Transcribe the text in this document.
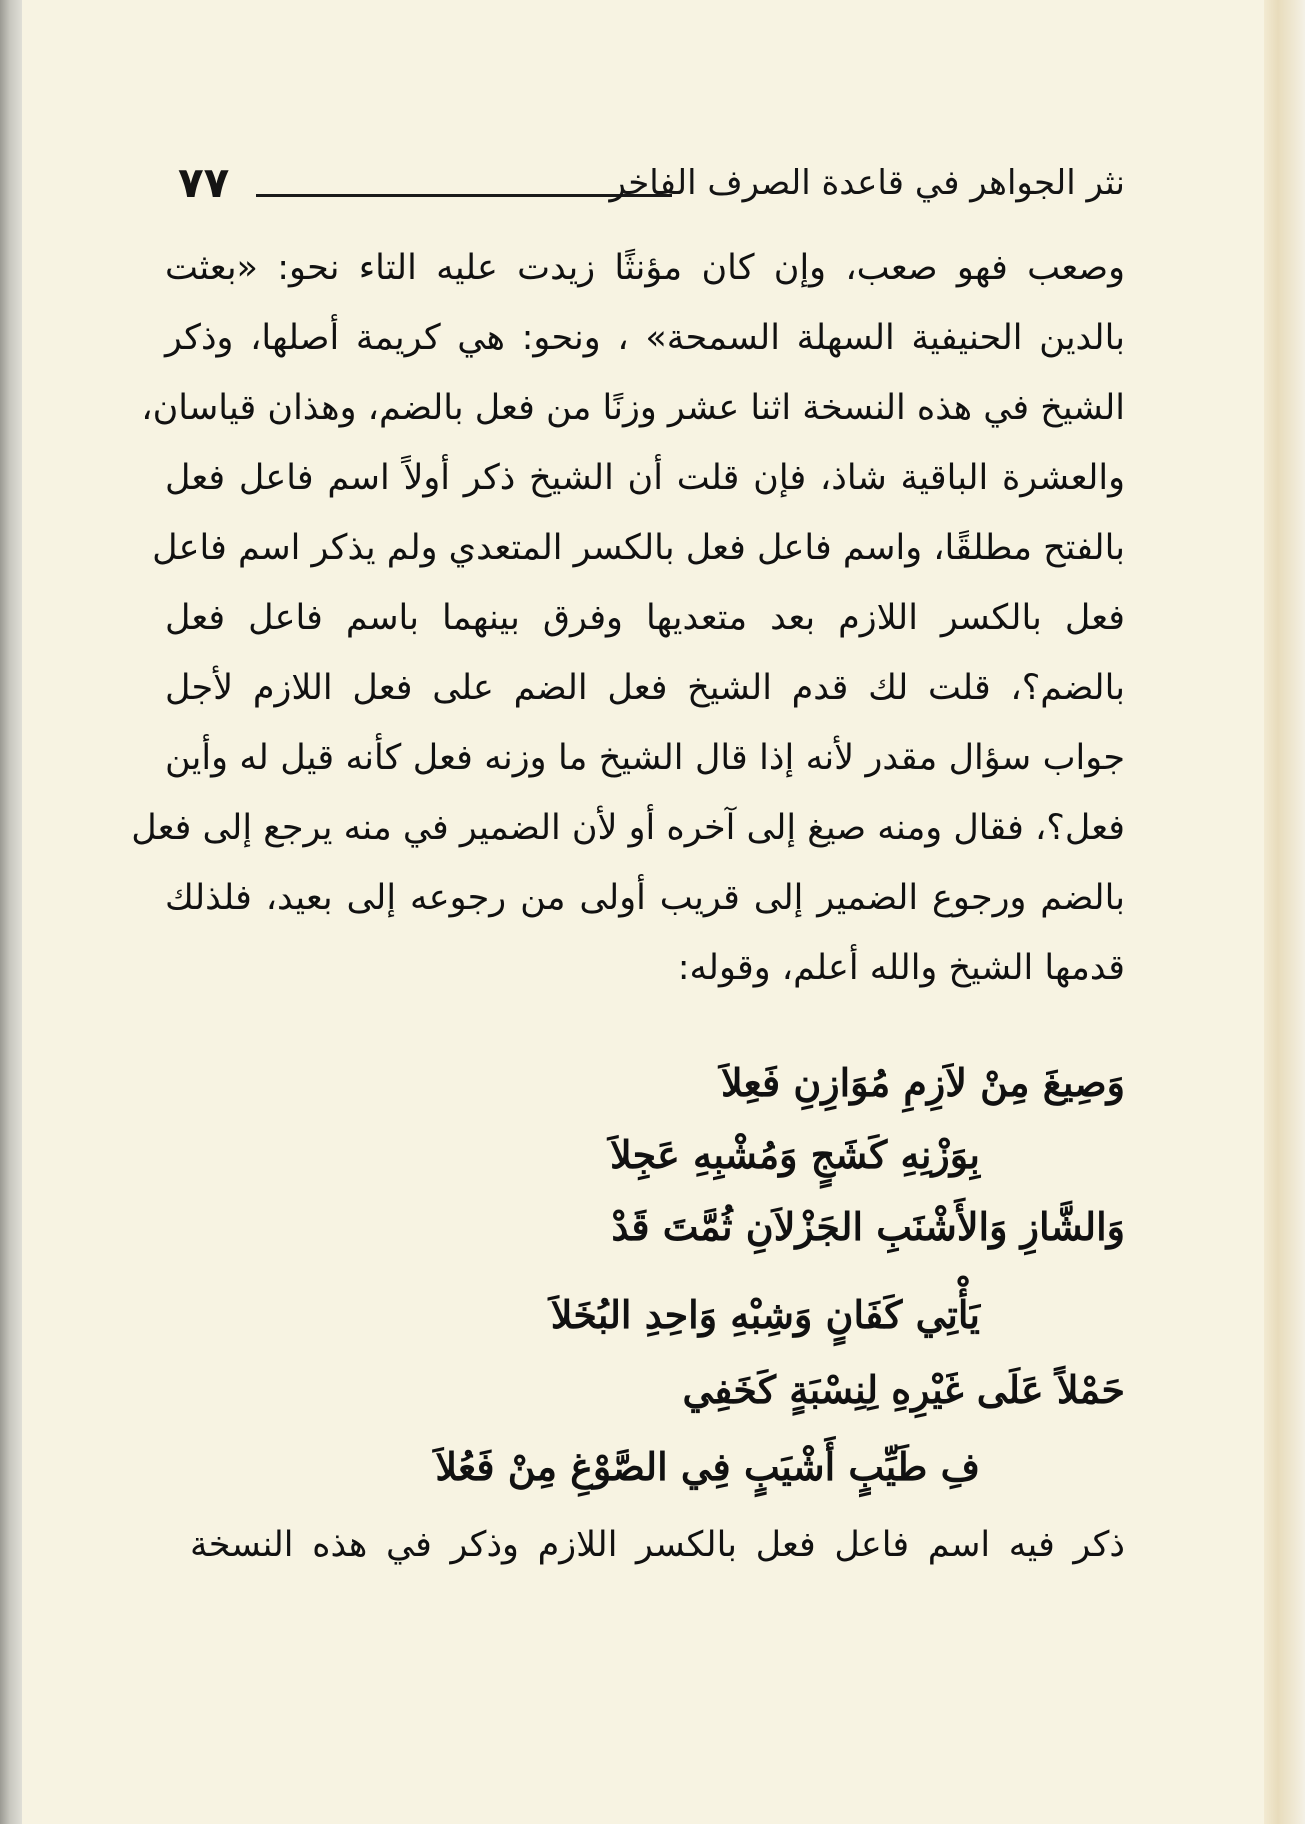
٧٧	نثر الجواهر في قاعدة الصرف الفاخر
وصعب فهو صعب، وإن كان مؤنثًا زيدت عليه التاء نحو: «بعثت
بالدين الحنيفية السهلة السمحة» ، ونحو: هي كريمة أصلها، وذكر
الشيخ في هذه النسخة اثنا عشر وزنًا من فعل بالضم، وهذان قياسان،
والعشرة الباقية شاذ، فإن قلت أن الشيخ ذكر أولاً اسم فاعل فعل
بالفتح مطلقًا، واسم فاعل فعل بالكسر المتعدي ولم يذكر اسم فاعل
فعل بالكسر اللازم بعد متعديها وفرق بينهما باسم فاعل فعل
بالضم؟، قلت لك قدم الشيخ فعل الضم على فعل اللازم لأجل
جواب سؤال مقدر لأنه إذا قال الشيخ ما وزنه فعل كأنه قيل له وأين
فعل؟، فقال ومنه صيغ إلى آخره أو لأن الضمير في منه يرجع إلى فعل
بالضم ورجوع الضمير إلى قريب أولى من رجوعه إلى بعيد، فلذلك
قدمها الشيخ والله أعلم، وقوله:
وَصِيغَ مِنْ لاَزِمِ مُوَازِنِ فَعِلاَ
بِوَزْنِهِ كَشَجٍ وَمُشْبِهِ عَجِلاَ
وَالشَّازِ وَالأَشْنَبِ الجَزْلاَنِ ثُمَّتَ قَدْ
يَأْتِي كَفَانٍ وَشِبْهِ وَاحِدِ البُخَلاَ
حَمْلاً عَلَى غَيْرِهِ لِنِسْبَةٍ كَخَفِي
فِ طَيِّبٍ أَشْيَبٍ فِي الصَّوْغِ مِنْ فَعُلاَ
ذكر فيه اسم فاعل فعل بالكسر اللازم وذكر في هذه النسخة
